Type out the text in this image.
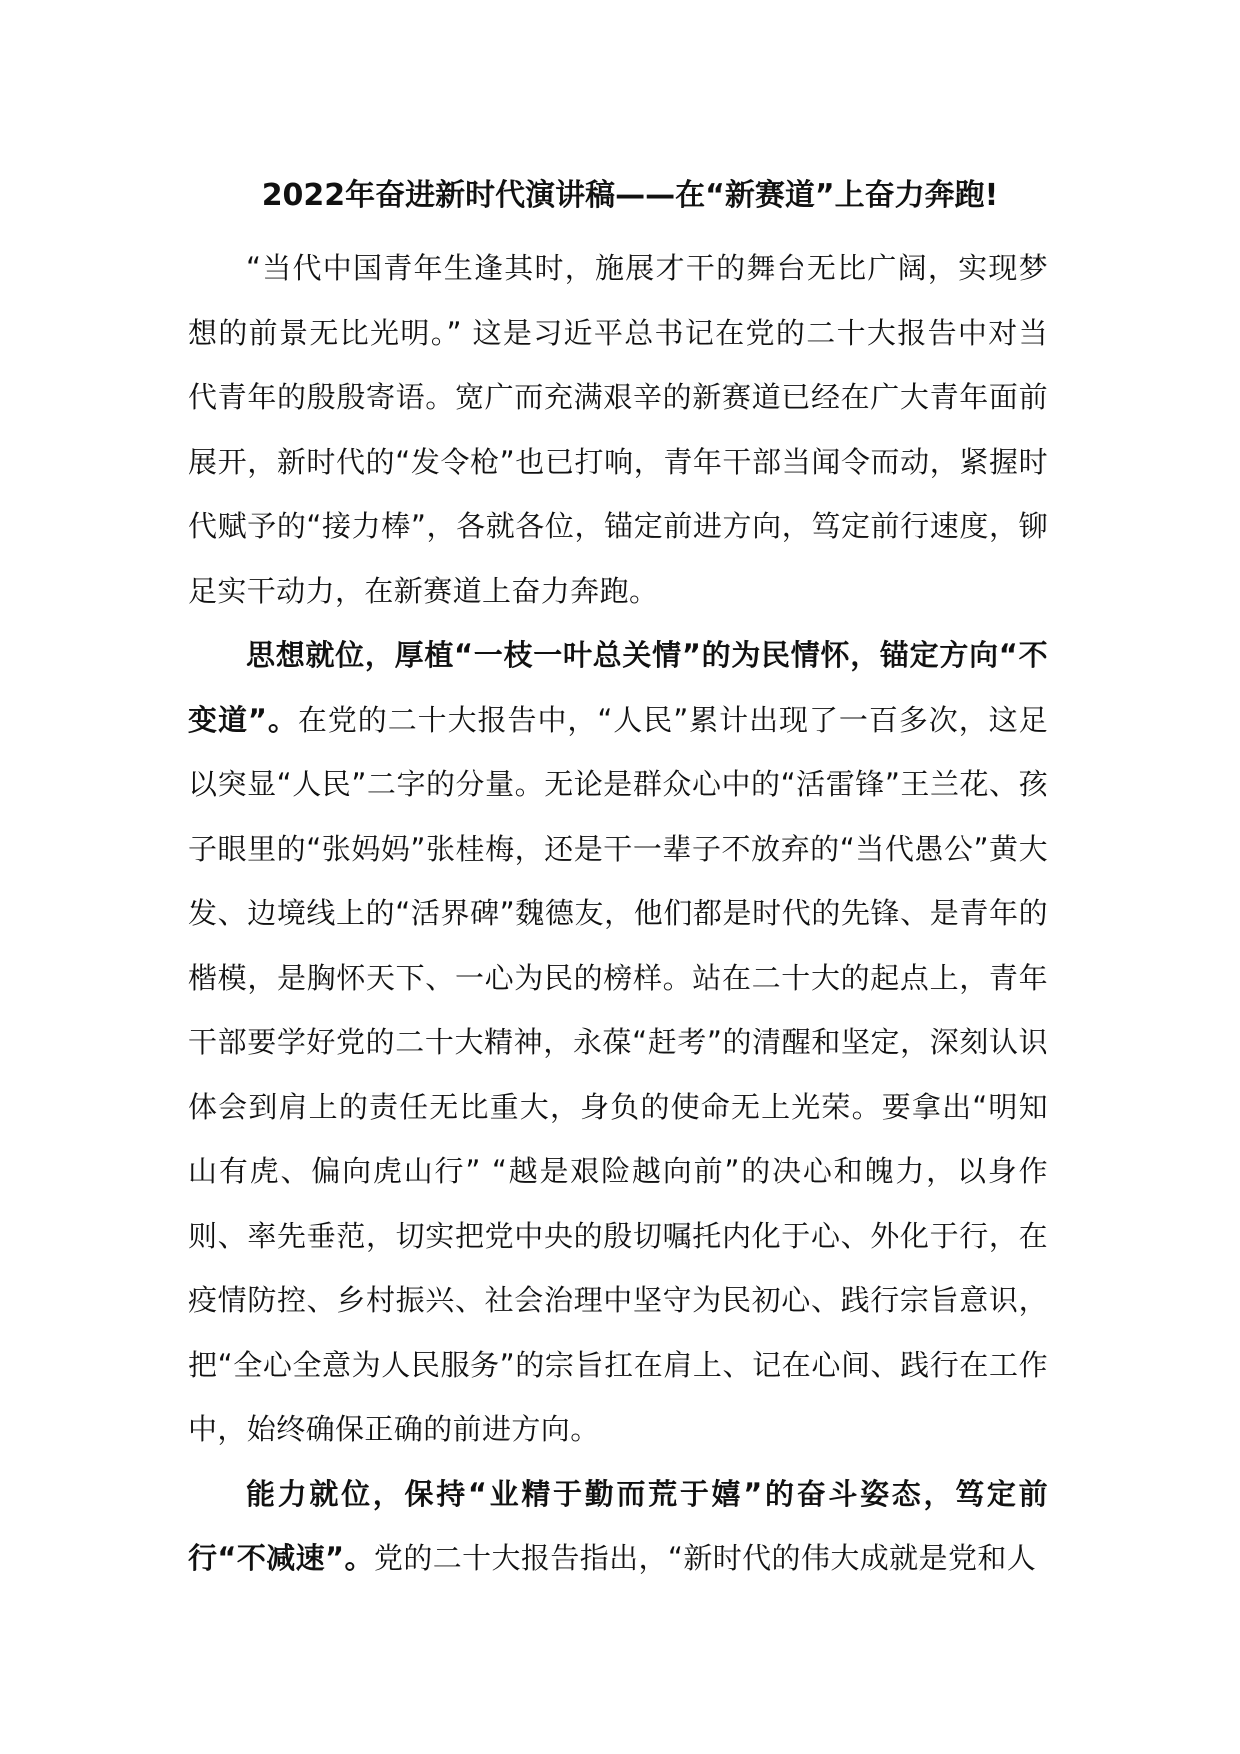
2022年奋进新时代演讲稿——在“新赛道”上奋力奔跑!

“当代中国青年生逢其时，施展才干的舞台无比广阔，实现梦想的前景无比光明。” 这是习近平总书记在党的二十大报告中对当代青年的殷殷寄语。宽广而充满艰辛的新赛道已经在广大青年面前展开，新时代的“发令枪”也已打响，青年干部当闻令而动，紧握时代赋予的“接力棒”，各就各位，锚定前进方向，笃定前行速度，铆足实干动力，在新赛道上奋力奔跑。

思想就位，厚植“一枝一叶总关情”的为民情怀，锚定方向“不变道”。在党的二十大报告中，“人民”累计出现了一百多次，这足以突显“人民”二字的分量。无论是群众心中的“活雷锋”王兰花、孩子眼里的“张妈妈”张桂梅，还是干一辈子不放弃的“当代愚公”黄大发、边境线上的“活界碑”魏德友，他们都是时代的先锋、是青年的楷模，是胸怀天下、一心为民的榜样。站在二十大的起点上，青年干部要学好党的二十大精神，永葆“赶考”的清醒和坚定，深刻认识体会到肩上的责任无比重大，身负的使命无上光荣。要拿出“明知山有虎、偏向虎山行” “越是艰险越向前”的决心和魄力，以身作则、率先垂范，切实把党中央的殷切嘱托内化于心、外化于行，在疫情防控、乡村振兴、社会治理中坚守为民初心、践行宗旨意识，把“全心全意为人民服务”的宗旨扛在肩上、记在心间、践行在工作中，始终确保正确的前进方向。

能力就位，保持“业精于勤而荒于嬉”的奋斗姿态，笃定前行“不减速”。党的二十大报告指出，“新时代的伟大成就是党和人
